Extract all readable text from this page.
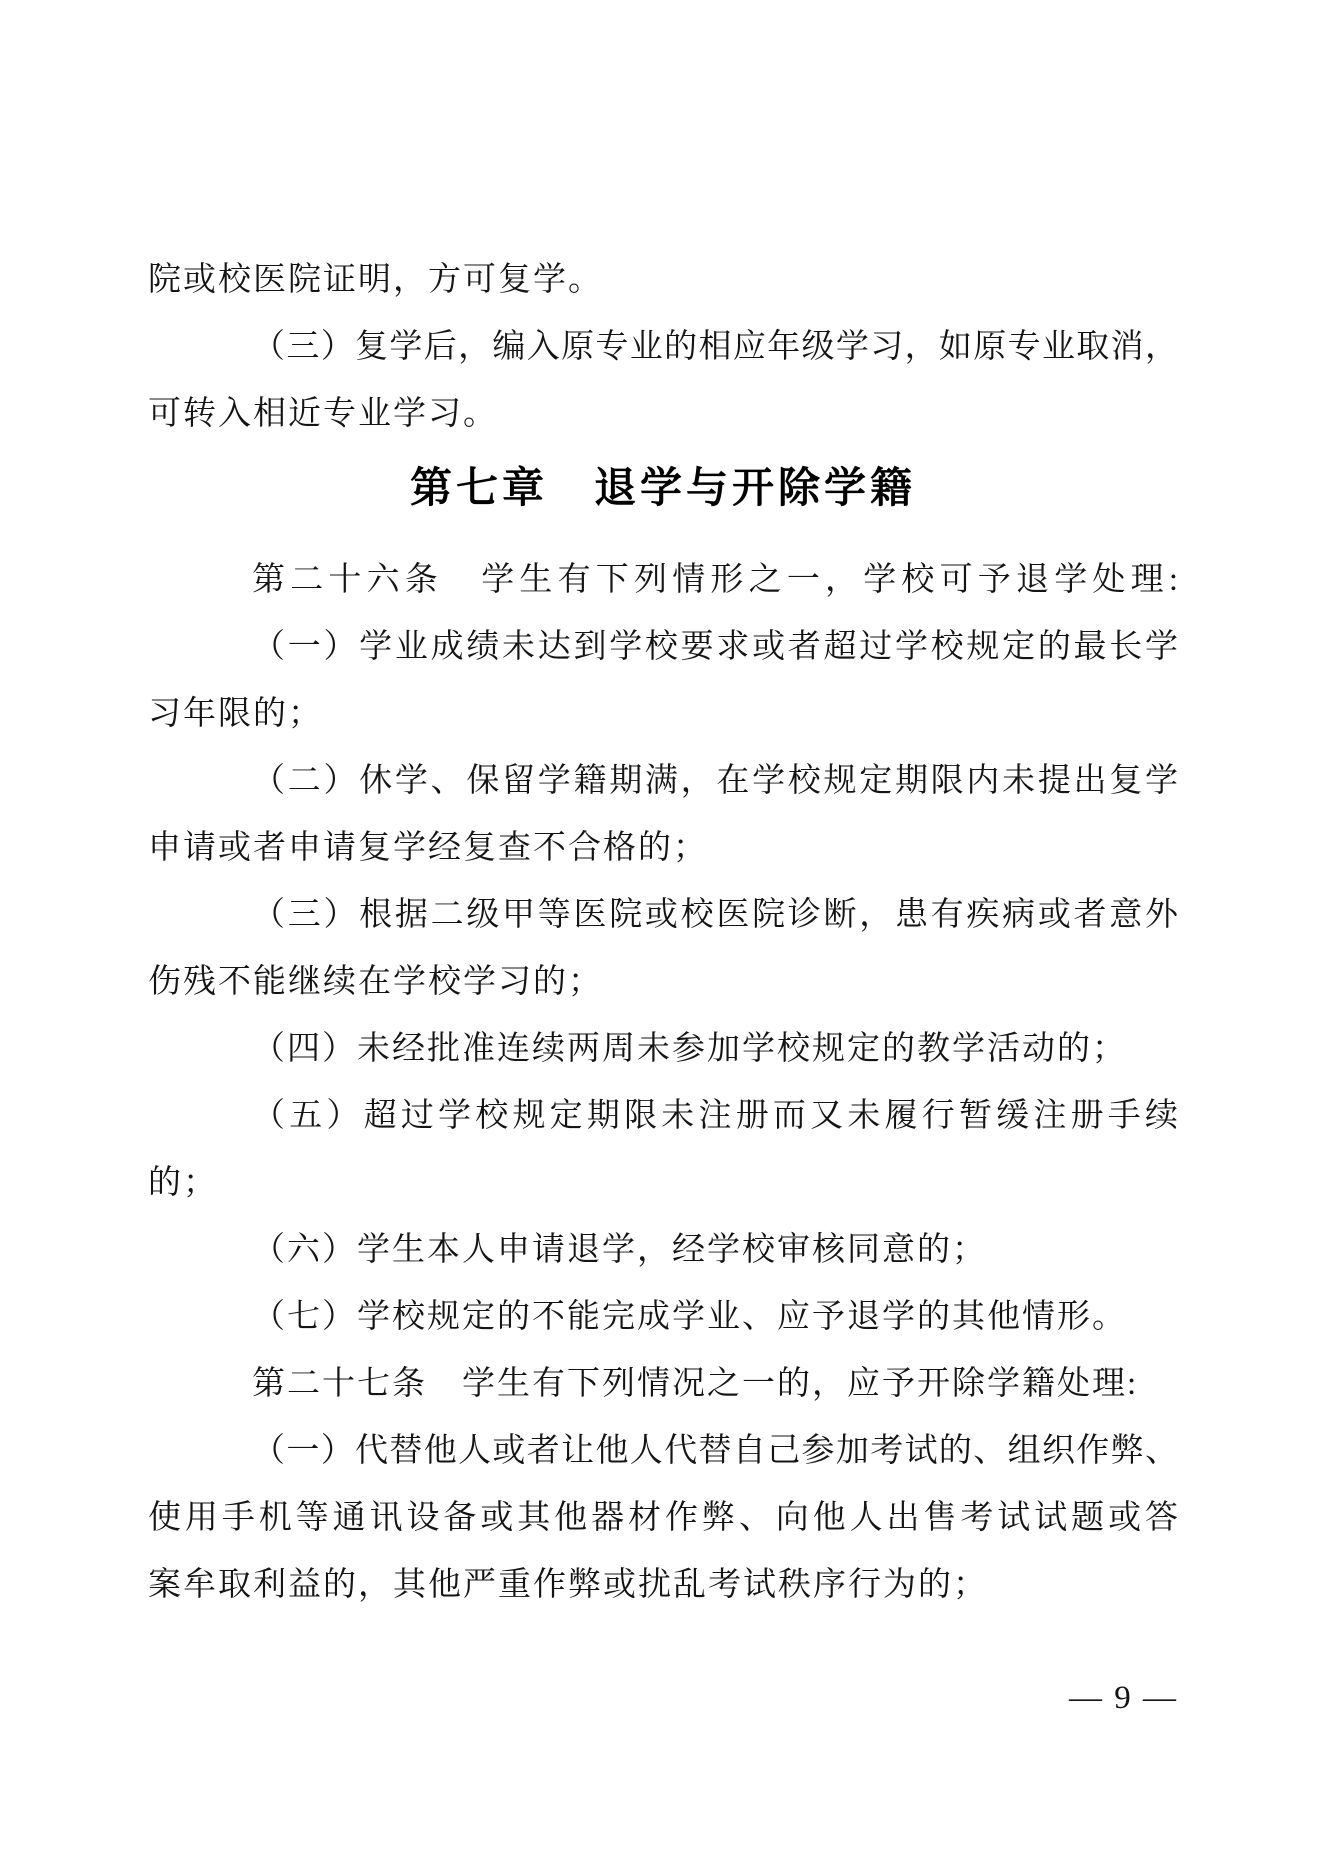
院或校医院证明，方可复学。
（三）复学后，编入原专业的相应年级学习，如原专业取消，
可转入相近专业学习。
第七章　退学与开除学籍
第二十六条　学生有下列情形之一，学校可予退学处理:
（一）学业成绩未达到学校要求或者超过学校规定的最长学
习年限的；
（二）休学、保留学籍期满，在学校规定期限内未提出复学
申请或者申请复学经复查不合格的；
（三）根据二级甲等医院或校医院诊断，患有疾病或者意外
伤残不能继续在学校学习的；
（四）未经批准连续两周未参加学校规定的教学活动的；
（五）超过学校规定期限未注册而又未履行暂缓注册手续
的；
（六）学生本人申请退学，经学校审核同意的；
（七）学校规定的不能完成学业、应予退学的其他情形。
第二十七条　学生有下列情况之一的，应予开除学籍处理:
（一）代替他人或者让他人代替自己参加考试的、组织作弊、
使用手机等通讯设备或其他器材作弊、向他人出售考试试题或答
案牟取利益的，其他严重作弊或扰乱考试秩序行为的；
— 9 —
